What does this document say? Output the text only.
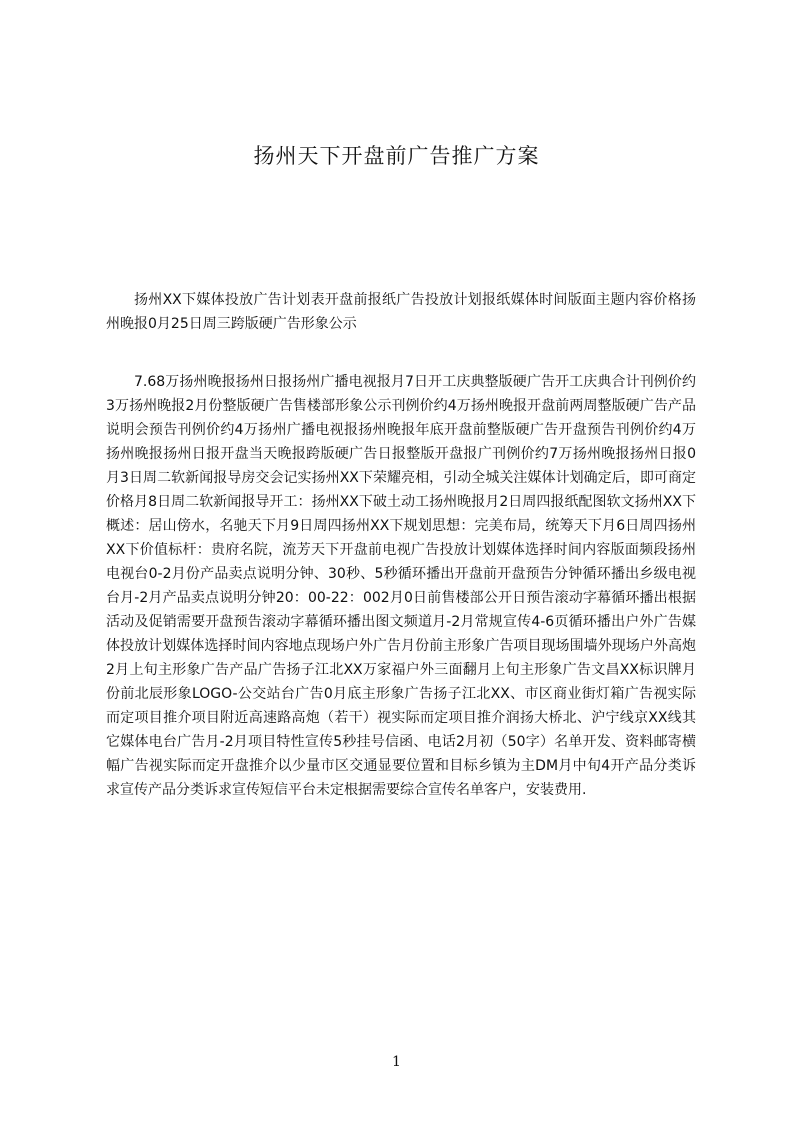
扬州天下开盘前广告推广方案

扬州XX下媒体投放广告计划表开盘前报纸广告投放计划报纸媒体时间版面主题内容价格扬州晚报0月25日周三跨版硬广告形象公示

7.68万扬州晚报扬州日报扬州广播电视报月7日开工庆典整版硬广告开工庆典合计刊例价约3万扬州晚报2月份整版硬广告售楼部形象公示刊例价约4万扬州晚报开盘前两周整版硬广告产品说明会预告刊例价约4万扬州广播电视报扬州晚报年底开盘前整版硬广告开盘预告刊例价约4万扬州晚报扬州日报开盘当天晚报跨版硬广告日报整版开盘报广刊例价约7万扬州晚报扬州日报0月3日周二软新闻报导房交会记实扬州XX下荣耀亮相，引动全城关注媒体计划确定后，即可商定价格月8日周二软新闻报导开工：扬州XX下破土动工扬州晚报月2日周四报纸配图软文扬州XX下概述：居山傍水，名驰天下月9日周四扬州XX下规划思想：完美布局，统筹天下月6日周四扬州XX下价值标杆：贵府名院，流芳天下开盘前电视广告投放计划媒体选择时间内容版面频段扬州电视台0-2月份产品卖点说明分钟、30秒、5秒循环播出开盘前开盘预告分钟循环播出乡级电视台月-2月产品卖点说明分钟20：00-22：002月0日前售楼部公开日预告滚动字幕循环播出根据活动及促销需要开盘预告滚动字幕循环播出图文频道月-2月常规宣传4-6页循环播出户外广告媒体投放计划媒体选择时间内容地点现场户外广告月份前主形象广告项目现场围墙外现场户外高炮2月上旬主形象广告产品广告扬子江北XX万家福户外三面翻月上旬主形象广告文昌XX标识牌月份前北辰形象LOGO-公交站台广告0月底主形象广告扬子江北XX、市区商业街灯箱广告视实际而定项目推介项目附近高速路高炮（若干）视实际而定项目推介润扬大桥北、沪宁线京XX线其它媒体电台广告月-2月项目特性宣传5秒挂号信函、电话2月初（50字）名单开发、资料邮寄横幅广告视实际而定开盘推介以少量市区交通显要位置和目标乡镇为主DM月中旬4开产品分类诉求宣传产品分类诉求宣传短信平台未定根据需要综合宣传名单客户，安装费用.

1
